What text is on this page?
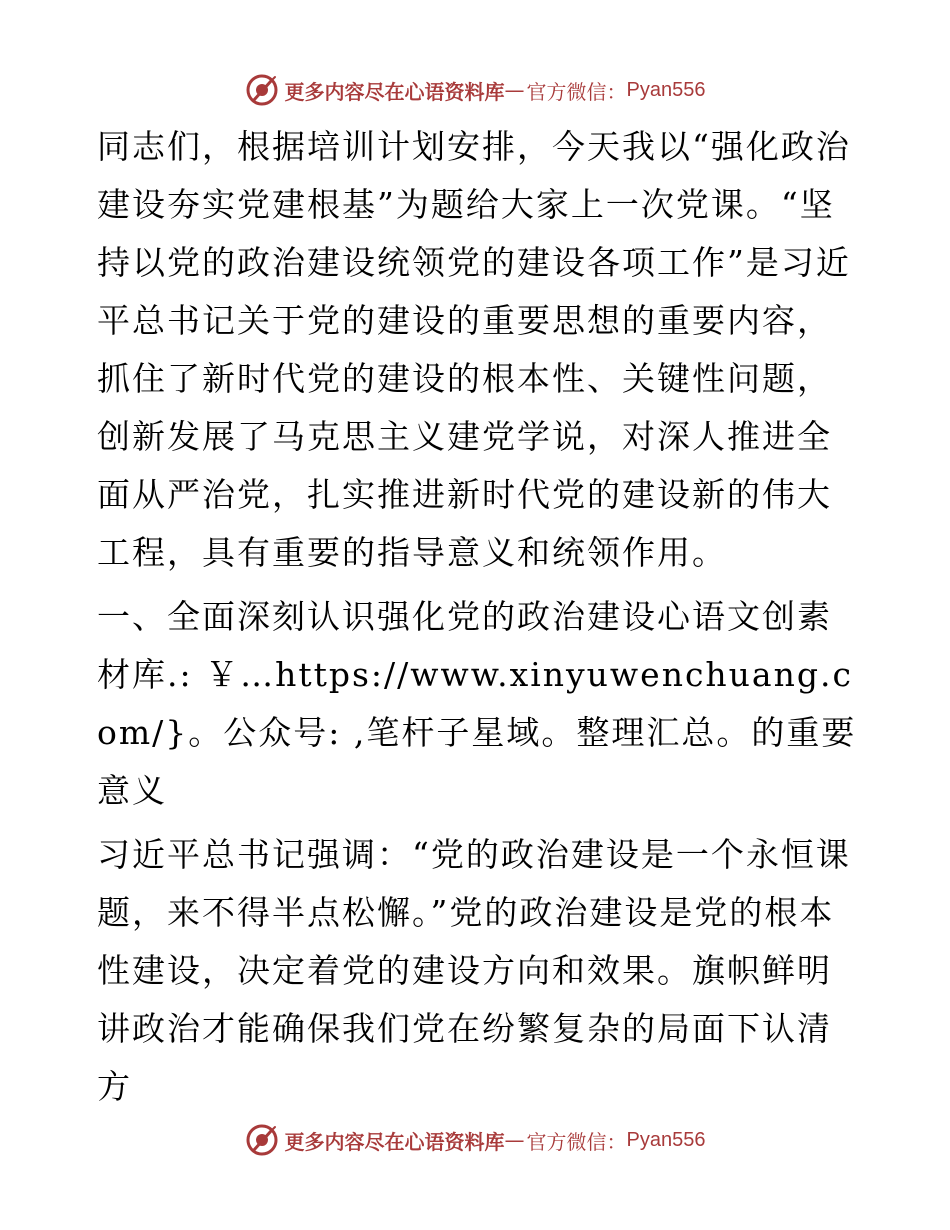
更多内容尽在心语资料库 — 官方微信： Pyan556

同志们，根据培训计划安排，今天我以“强化政治建设夯实党建根基”为题给大家上一次党课。“坚持以党的政治建设统领党的建设各项工作”是习近平总书记关于党的建设的重要思想的重要内容，抓住了新时代党的建设的根本性、关键性问题，创新发展了马克思主义建党学说，对深人推进全面从严治党，扎实推进新时代党的建设新的伟大工程，具有重要的指导意义和统领作用。

一、全面深刻认识强化党的政治建设心语文创素材库.: ￥…https://www.xinyuwenchuang.com/}。公众号: ,笔杆子星域。整理汇总。的重要意义

习近平总书记强调：“党的政治建设是一个永恒课题，来不得半点松懈。”党的政治建设是党的根本性建设，决定着党的建设方向和效果。旗帜鲜明讲政治才能确保我们党在纷繁复杂的局面下认清方

更多内容尽在心语资料库 — 官方微信： Pyan556
